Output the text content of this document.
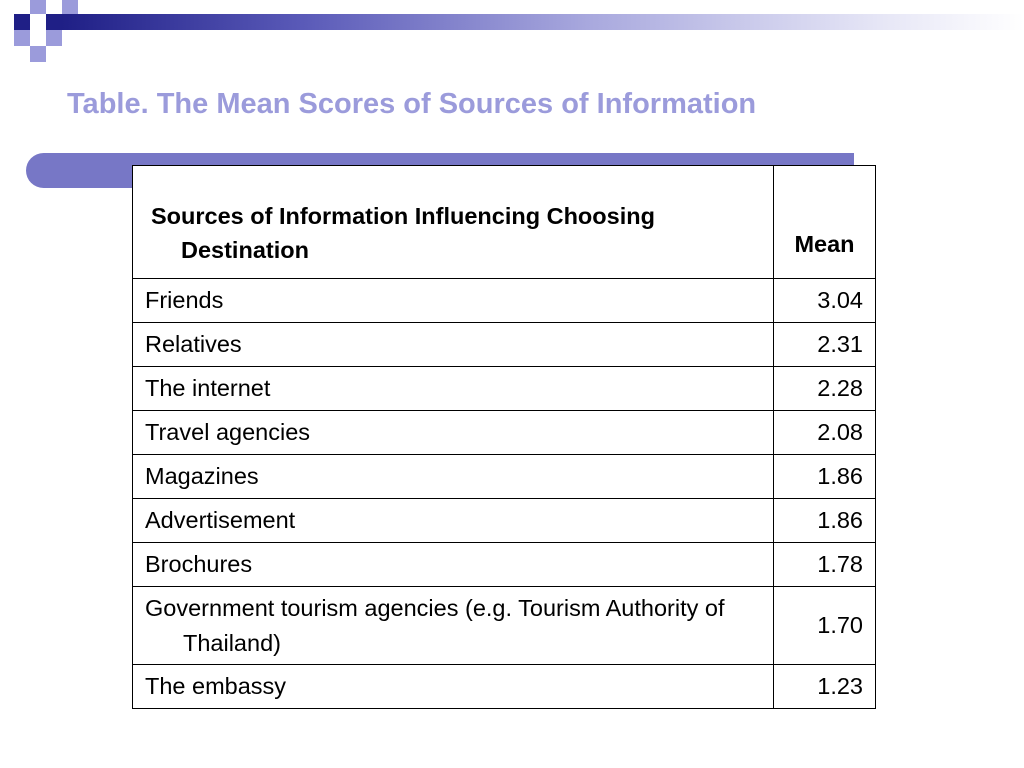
Table. The Mean Scores of Sources of Information
Sources of Information Influencing Choosing Destination	Mean
Friends	3.04
Relatives	2.31
The internet	2.28
Travel agencies	2.08
Magazines	1.86
Advertisement	1.86
Brochures	1.78

Government tourism agencies (e.g. Tourism Authority of Thailand)	1.70
The embassy	1.23
